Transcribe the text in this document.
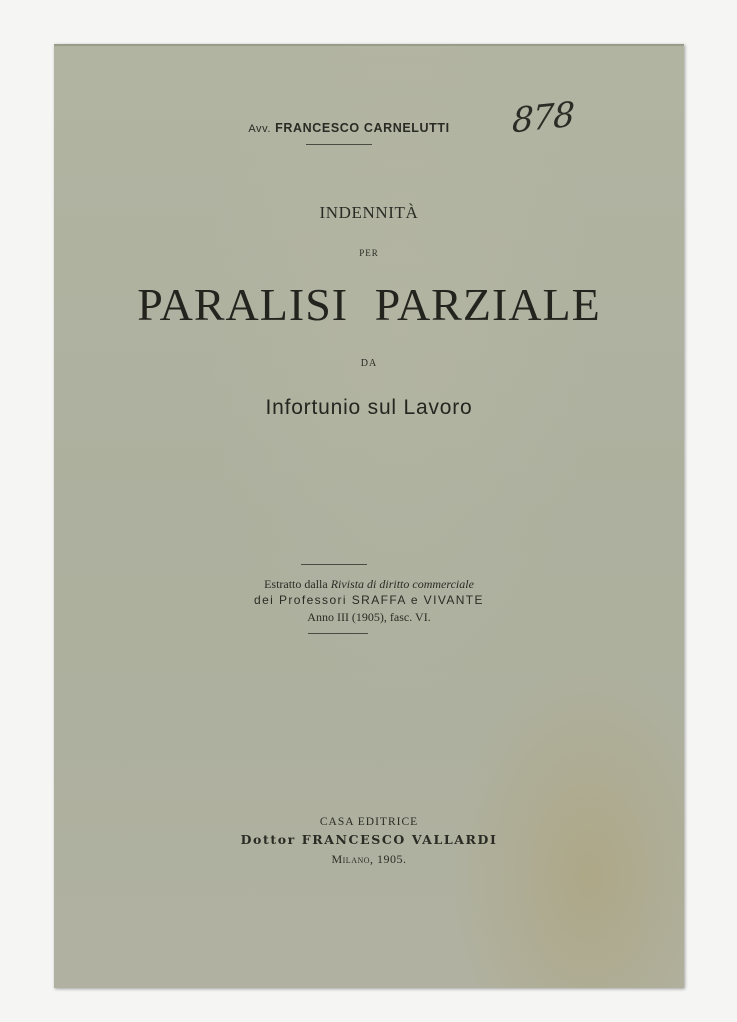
Avv. FRANCESCO CARNELUTTI	878
INDENNITÀ
PER
PARALISI PARZIALE
DA
Infortunio sul Lavoro
Estratto dalla Rivista di diritto commerciale
dei Professori SRAFFA e VIVANTE
Anno III (1905), fasc. VI.
CASA EDITRICE
Dottor FRANCESCO VALLARDI
Milano, 1905.
